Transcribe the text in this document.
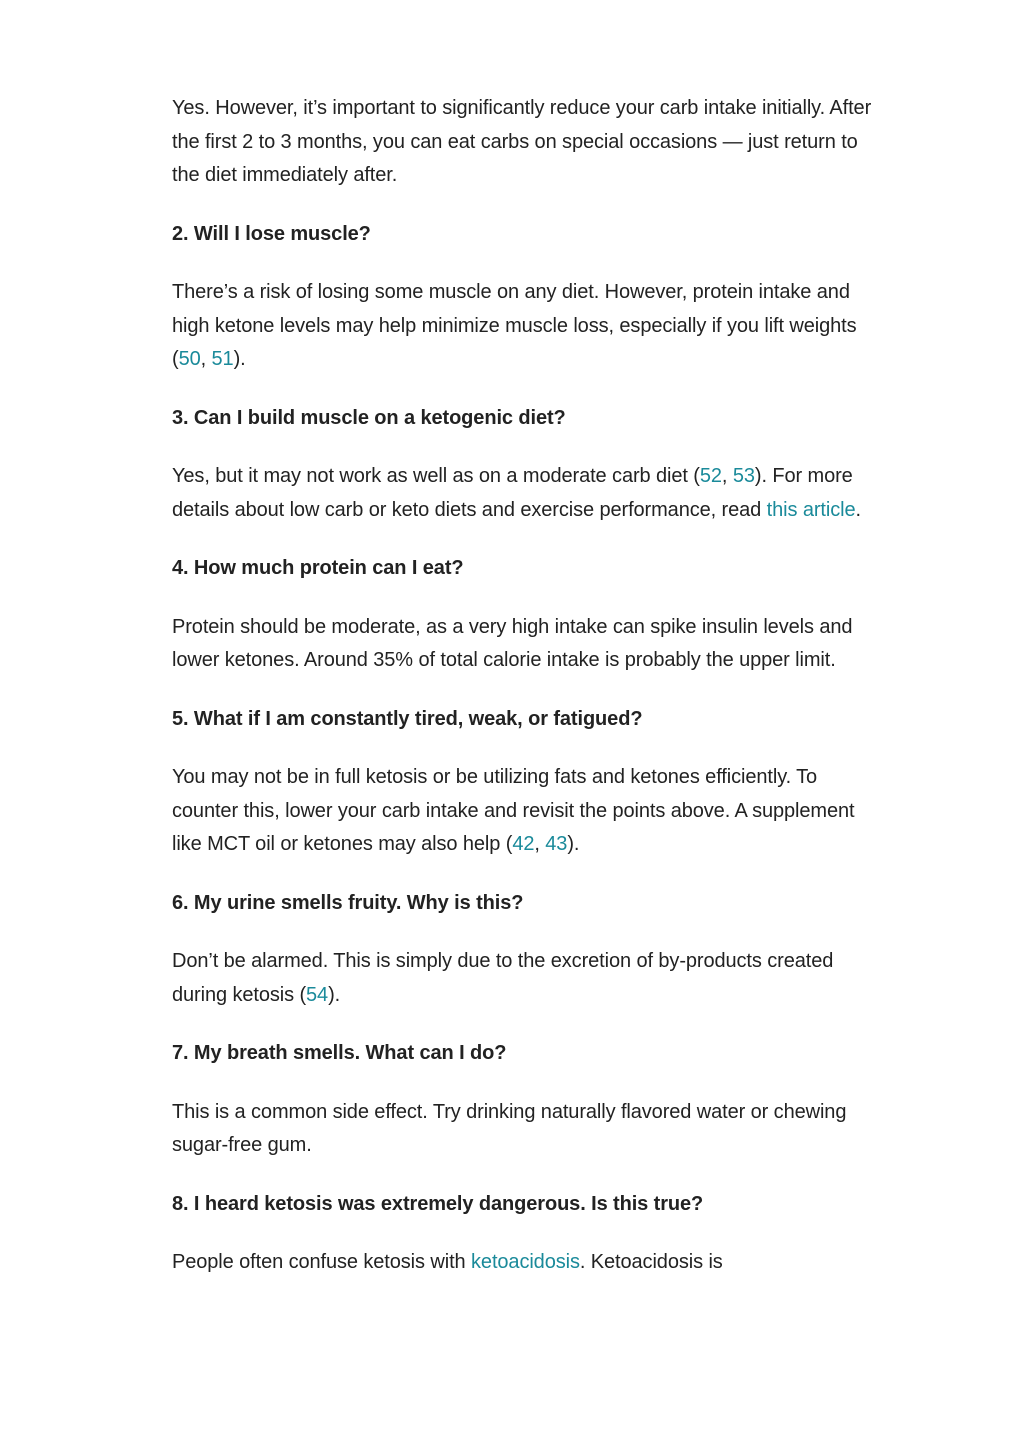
Yes. However, it’s important to significantly reduce your carb intake initially. After the first 2 to 3 months, you can eat carbs on special occasions — just return to the diet immediately after.

2. Will I lose muscle?

There’s a risk of losing some muscle on any diet. However, protein intake and high ketone levels may help minimize muscle loss, especially if you lift weights (50, 51).

3. Can I build muscle on a ketogenic diet?

Yes, but it may not work as well as on a moderate carb diet (52, 53). For more details about low carb or keto diets and exercise performance, read this article.

4. How much protein can I eat?

Protein should be moderate, as a very high intake can spike insulin levels and lower ketones. Around 35% of total calorie intake is probably the upper limit.

5. What if I am constantly tired, weak, or fatigued?

You may not be in full ketosis or be utilizing fats and ketones efficiently. To counter this, lower your carb intake and revisit the points above. A supplement like MCT oil or ketones may also help (42, 43).

6. My urine smells fruity. Why is this?

Don’t be alarmed. This is simply due to the excretion of by-products created during ketosis (54).

7. My breath smells. What can I do?

This is a common side effect. Try drinking naturally flavored water or chewing sugar-free gum.

8. I heard ketosis was extremely dangerous. Is this true?

People often confuse ketosis with ketoacidosis. Ketoacidosis is
